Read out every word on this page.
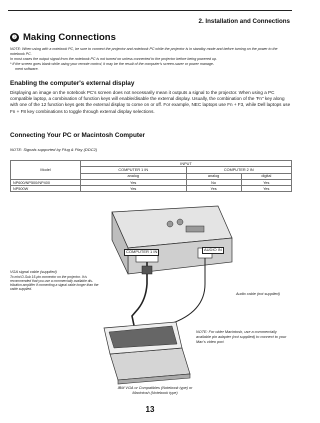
2. Installation and Connections
❷ Making Connections
NOTE: When using with a notebook PC, be sure to connect the projector and notebook PC while the projector is in standby mode and before turning on the power to the notebook PC.
In most cases the output signal from the notebook PC is not turned on unless connected to the projector before being powered up.
* If the screen goes blank while using your remote control, it may be the result of the computer's screen-saver or power manage-
ment software.
Enabling the computer's external display
Displaying an image on the notebook PC's screen does not necessarily mean it outputs a signal to the projector. When using a PC compatible laptop, a combination of function keys will enable/disable the external display. Usually, the combination of the 'Fn" key along with one of the 12 function keys gets the external display to come on or off. For example, NEC laptops use Fn + F3, while Dell laptops use Fn + F8 key combinations to toggle through external display selections.
Connecting Your PC or Macintosh Computer
NOTE: Signals supported by Plug & Play (DDC2)
Model	INPUT		
	COMPUTER 1 IN	COMPUTER 2 IN	
	analog	analog	digital
NP600/NP500/NP400	Yes	No	Yes
NP500W	Yes	Yes	Yes
COMPUTER 1 IN	AUDIO IN
VGA signal cable (supplied)
To mini D-Sub 15-pin connector on the projector. It is recommended that you use a commercially available dis-tribution amplifier if connecting a signal cable longer than the cable supplied.
Audio cable (not supplied)
NOTE: For older Macintosh, use a commercially available pin adapter (not supplied) to connect to your Mac's video port.
IBM VGA or Compatibles (Notebook type) or Macintosh (Notebook type)
13
